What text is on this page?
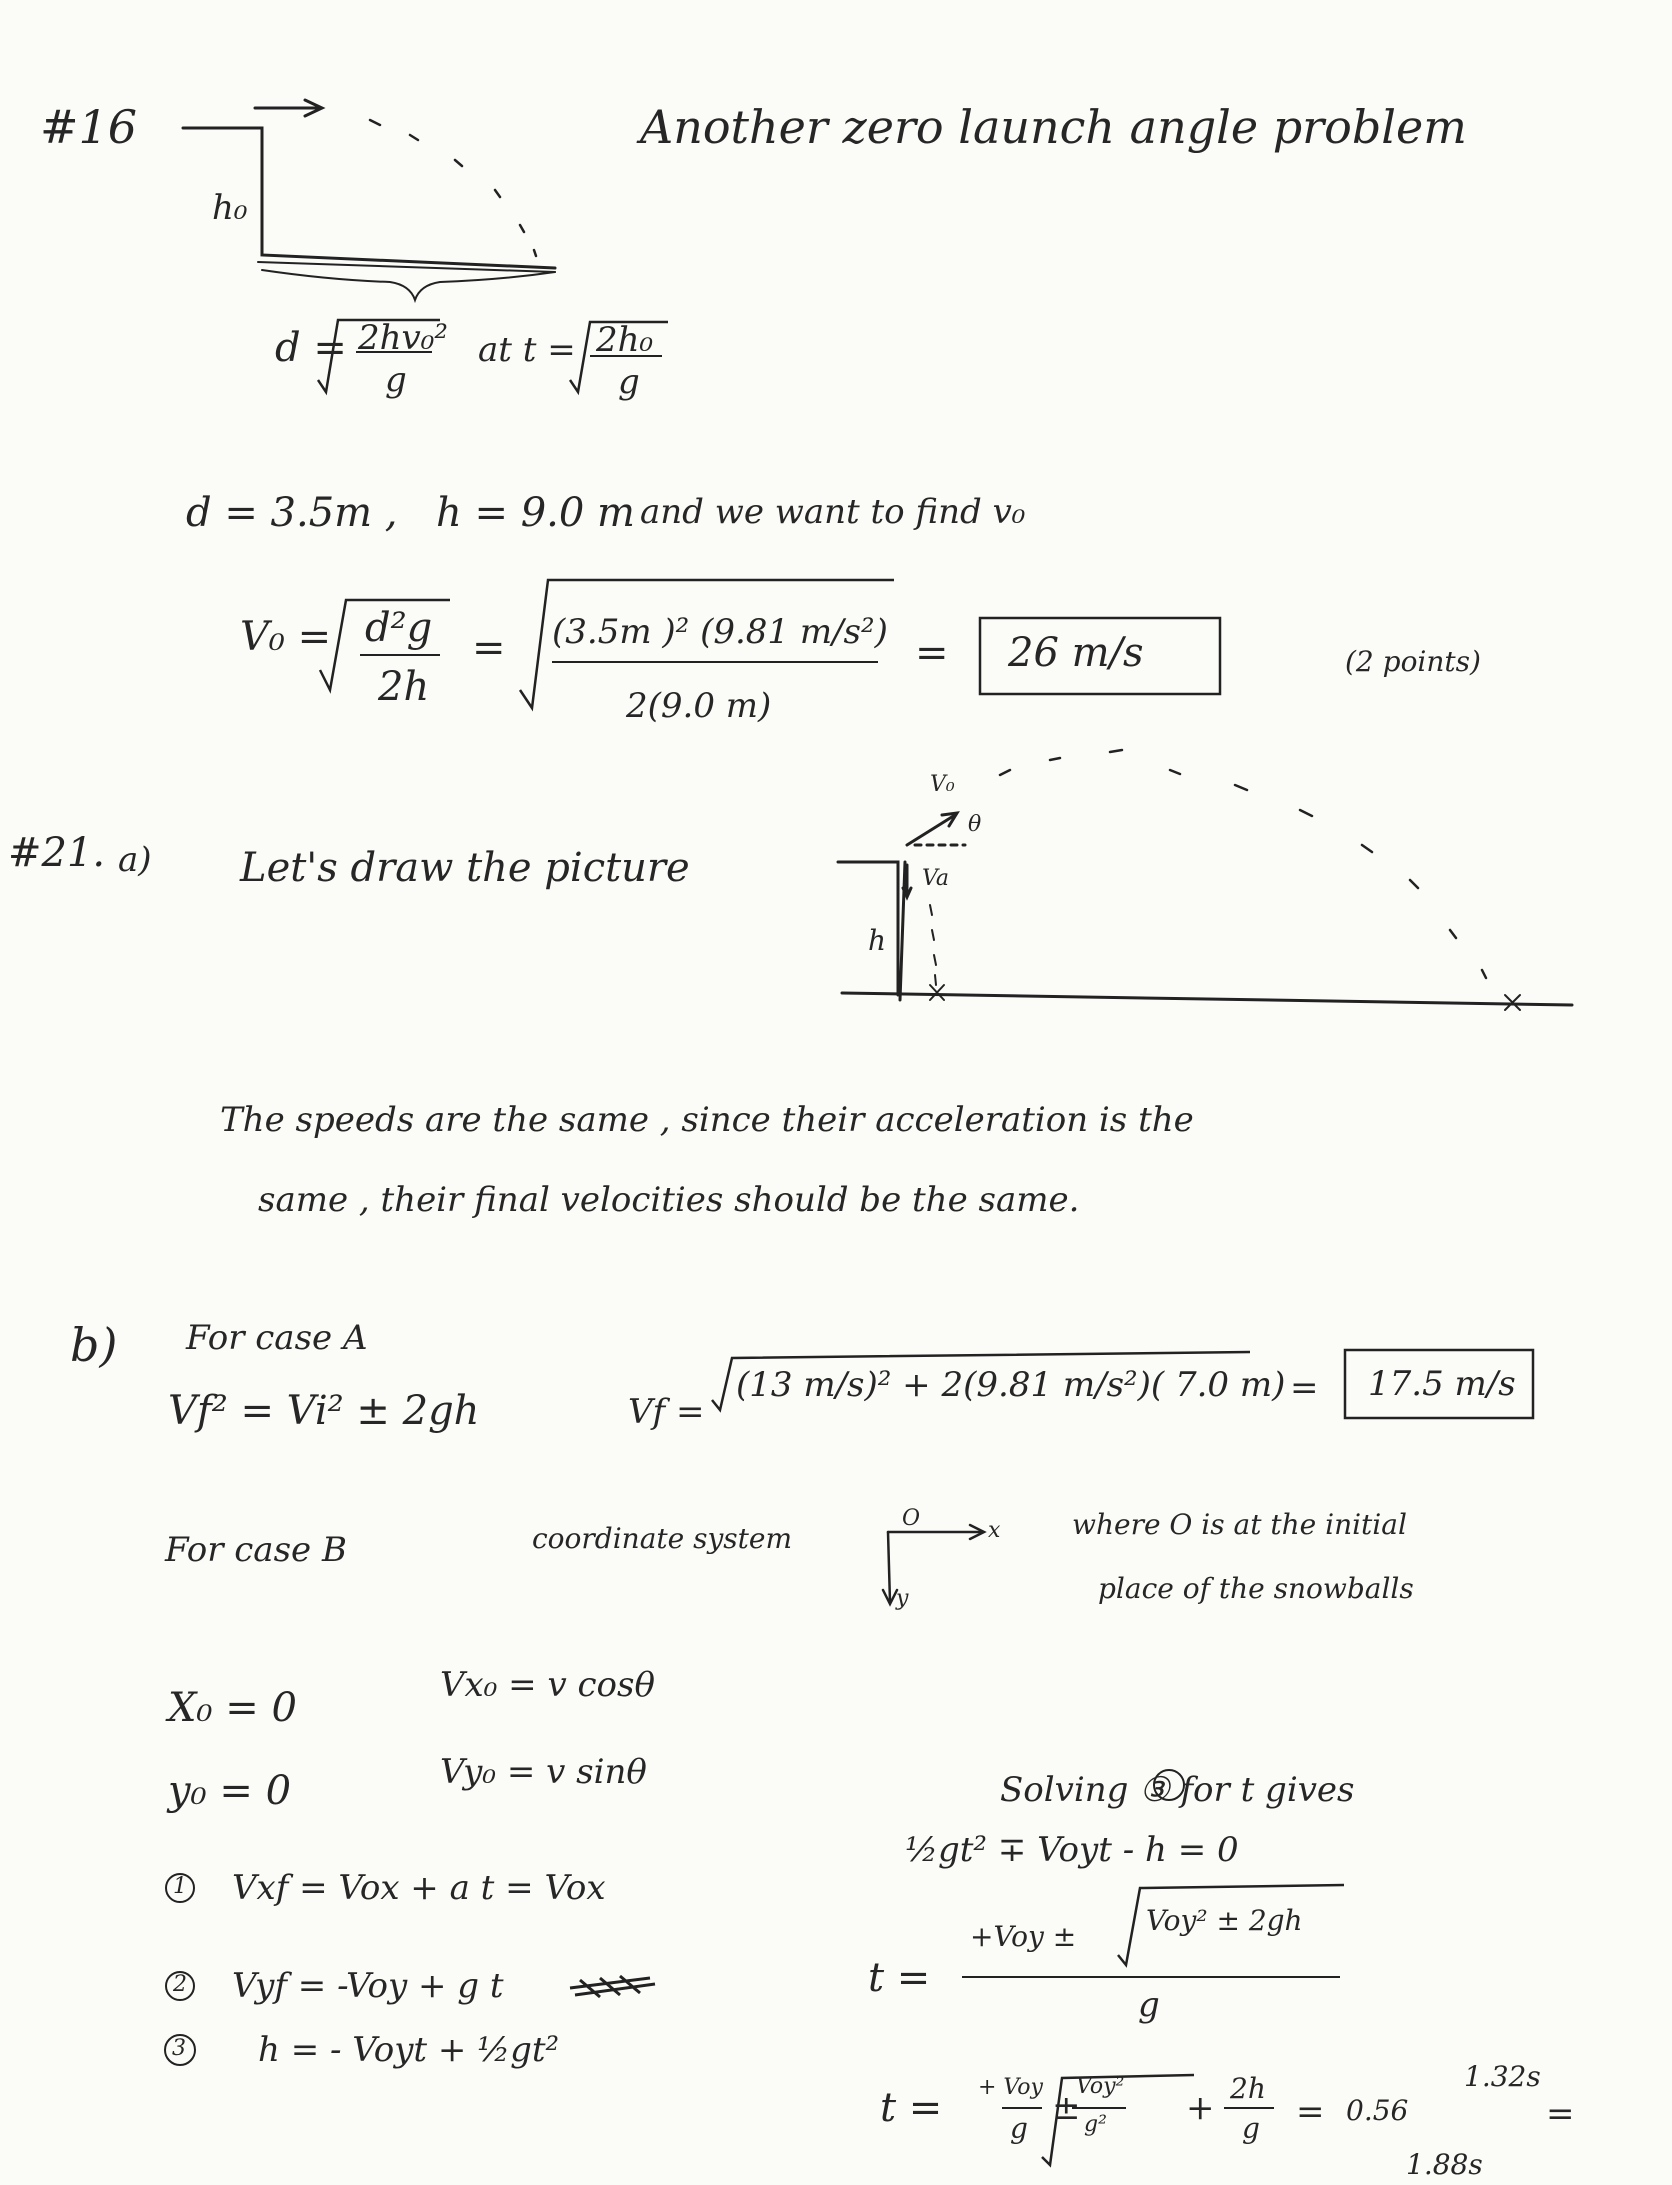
#16	Another zero launch angle problem
h₀
d = 2hv₀²
g
at t = 2h₀
g
d = 3.5m , h = 9.0 m and we want to find v₀
V₀ = d²g
2h
= (3.5m )² (9.81 m/s²)
2(9.0 m)
= 26 m/s	(2 points)
#21. a) Let's draw the picture
V₀
θ
Va
h
The speeds are the same , since their acceleration is the
same , their final velocities should be the same.
b) For case A
Vf² = Vi² ± 2gh	Vf =
(13 m/s)² + 2(9.81 m/s²)( 7.0 m) = 17.5 m/s
For case B	coordinate system
O	x
y
where O is at the initial
place of the snowballs
X₀ = 0
y₀ = 0
Vx₀ = v cosθ
Vy₀ = v sinθ
1 Vxf = Vox + a t = Vox
2 Vyf = -Voy + g t
3 h = - Voyt + ½gt²
Solving ③ for t gives
½gt² ∓ Voyt - h = 0
t =
+Voy ± Voy² ± 2gh
g
t = + Voy
g
±
Voy²
g² + 2h
g = 0.56
1.32s
=
1.88s
